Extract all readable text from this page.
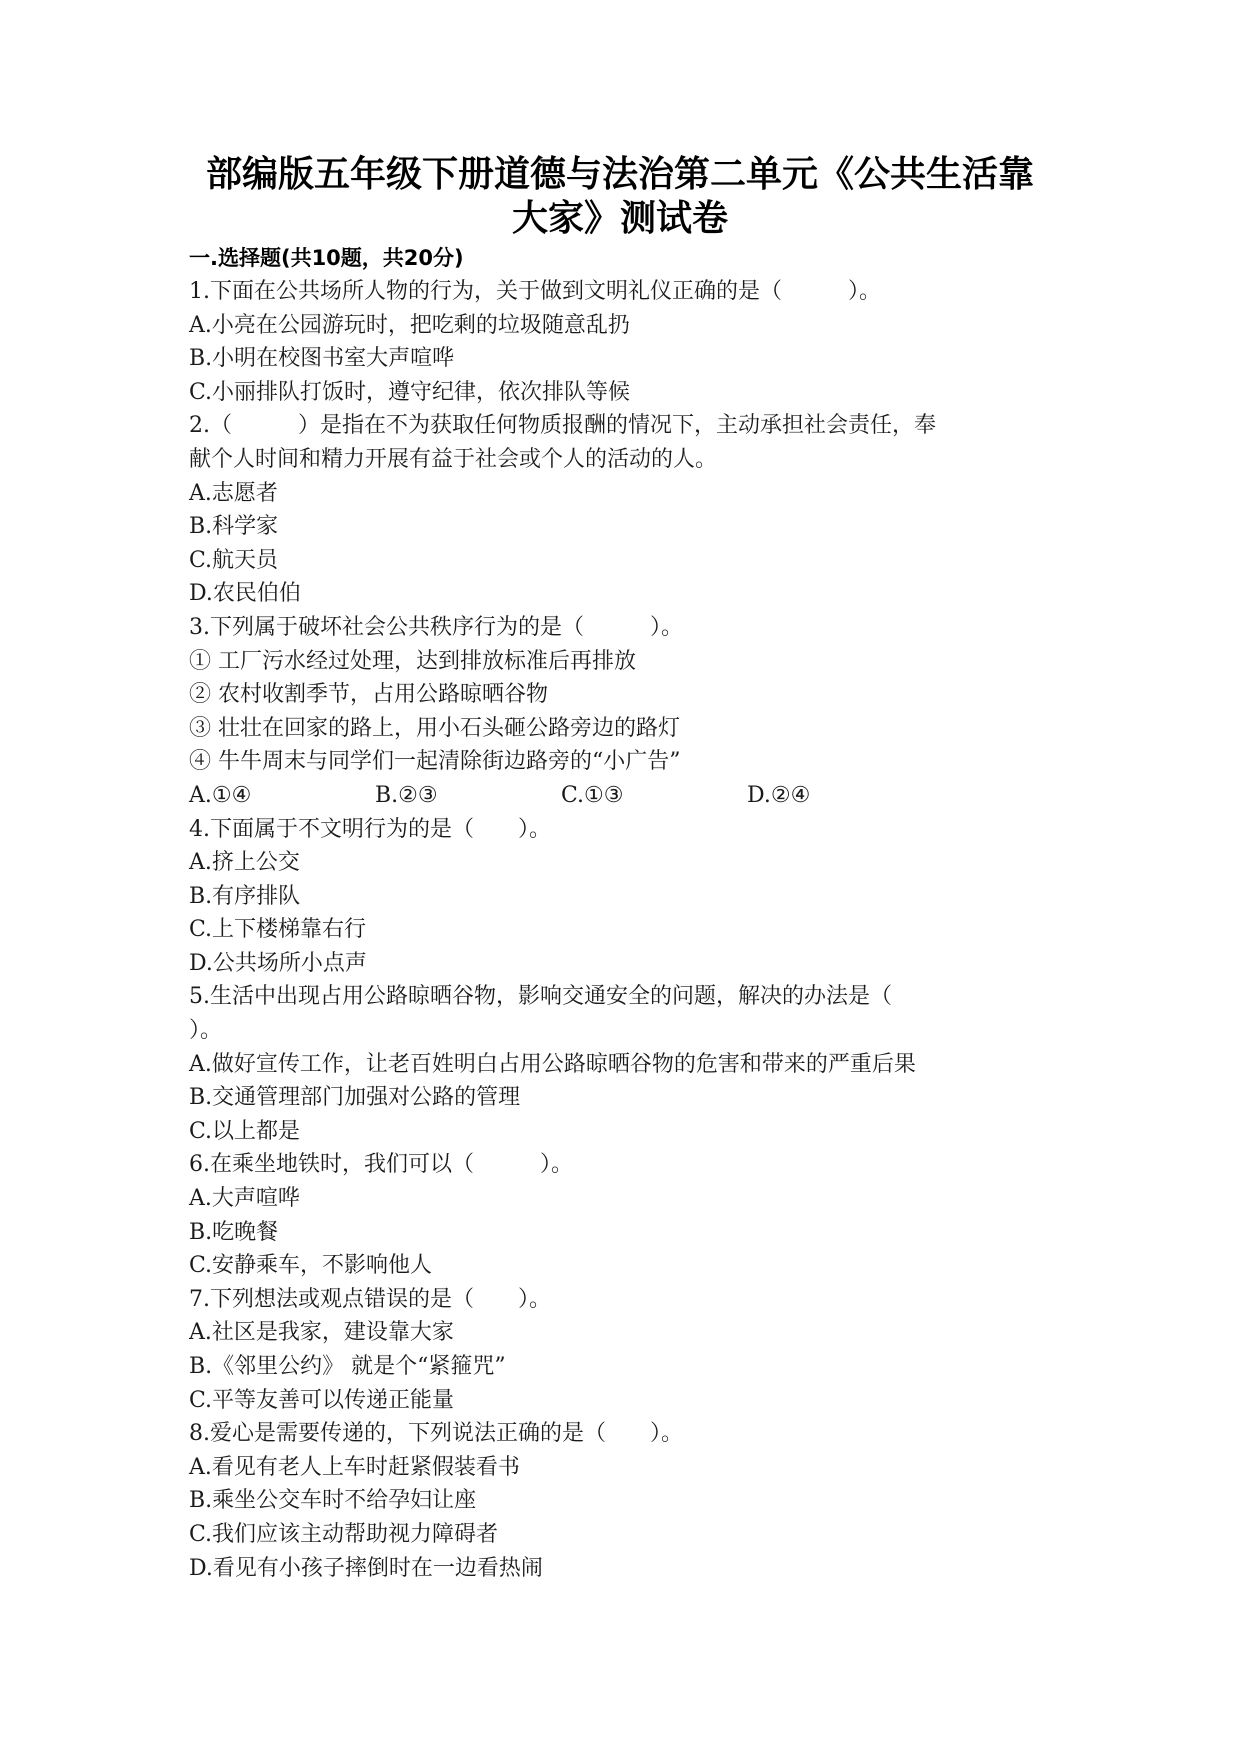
部编版五年级下册道德与法治第二单元《公共生活靠
大家》测试卷
一.选择题(共10题，共20分)
1.下面在公共场所人物的行为，关于做到文明礼仪正确的是（　　　）。
A.小亮在公园游玩时，把吃剩的垃圾随意乱扔
B.小明在校图书室大声喧哗
C.小丽排队打饭时，遵守纪律，依次排队等候
2.（　　　）是指在不为获取任何物质报酬的情况下，主动承担社会责任，奉
献个人时间和精力开展有益于社会或个人的活动的人。
A.志愿者
B.科学家
C.航天员
D.农民伯伯
3.下列属于破坏社会公共秩序行为的是（　　　）。
① 工厂污水经过处理，达到排放标准后再排放
② 农村收割季节，占用公路晾晒谷物
③ 壮壮在回家的路上，用小石头砸公路旁边的路灯
④ 牛牛周末与同学们一起清除街边路旁的“小广告”
A.①④	B.②③	C.①③	D.②④
4.下面属于不文明行为的是（　　）。
A.挤上公交
B.有序排队
C.上下楼梯靠右行
D.公共场所小点声
5.生活中出现占用公路晾晒谷物，影响交通安全的问题，解决的办法是（
）。
A.做好宣传工作，让老百姓明白占用公路晾晒谷物的危害和带来的严重后果
B.交通管理部门加强对公路的管理
C.以上都是
6.在乘坐地铁时，我们可以（　　　）。
A.大声喧哗
B.吃晚餐
C.安静乘车，不影响他人
7.下列想法或观点错误的是（　　）。
A.社区是我家，建设靠大家
B.《邻里公约》 就是个“紧箍咒”
C.平等友善可以传递正能量
8.爱心是需要传递的，下列说法正确的是（　　）。
A.看见有老人上车时赶紧假装看书
B.乘坐公交车时不给孕妇让座
C.我们应该主动帮助视力障碍者
D.看见有小孩子摔倒时在一边看热闹
